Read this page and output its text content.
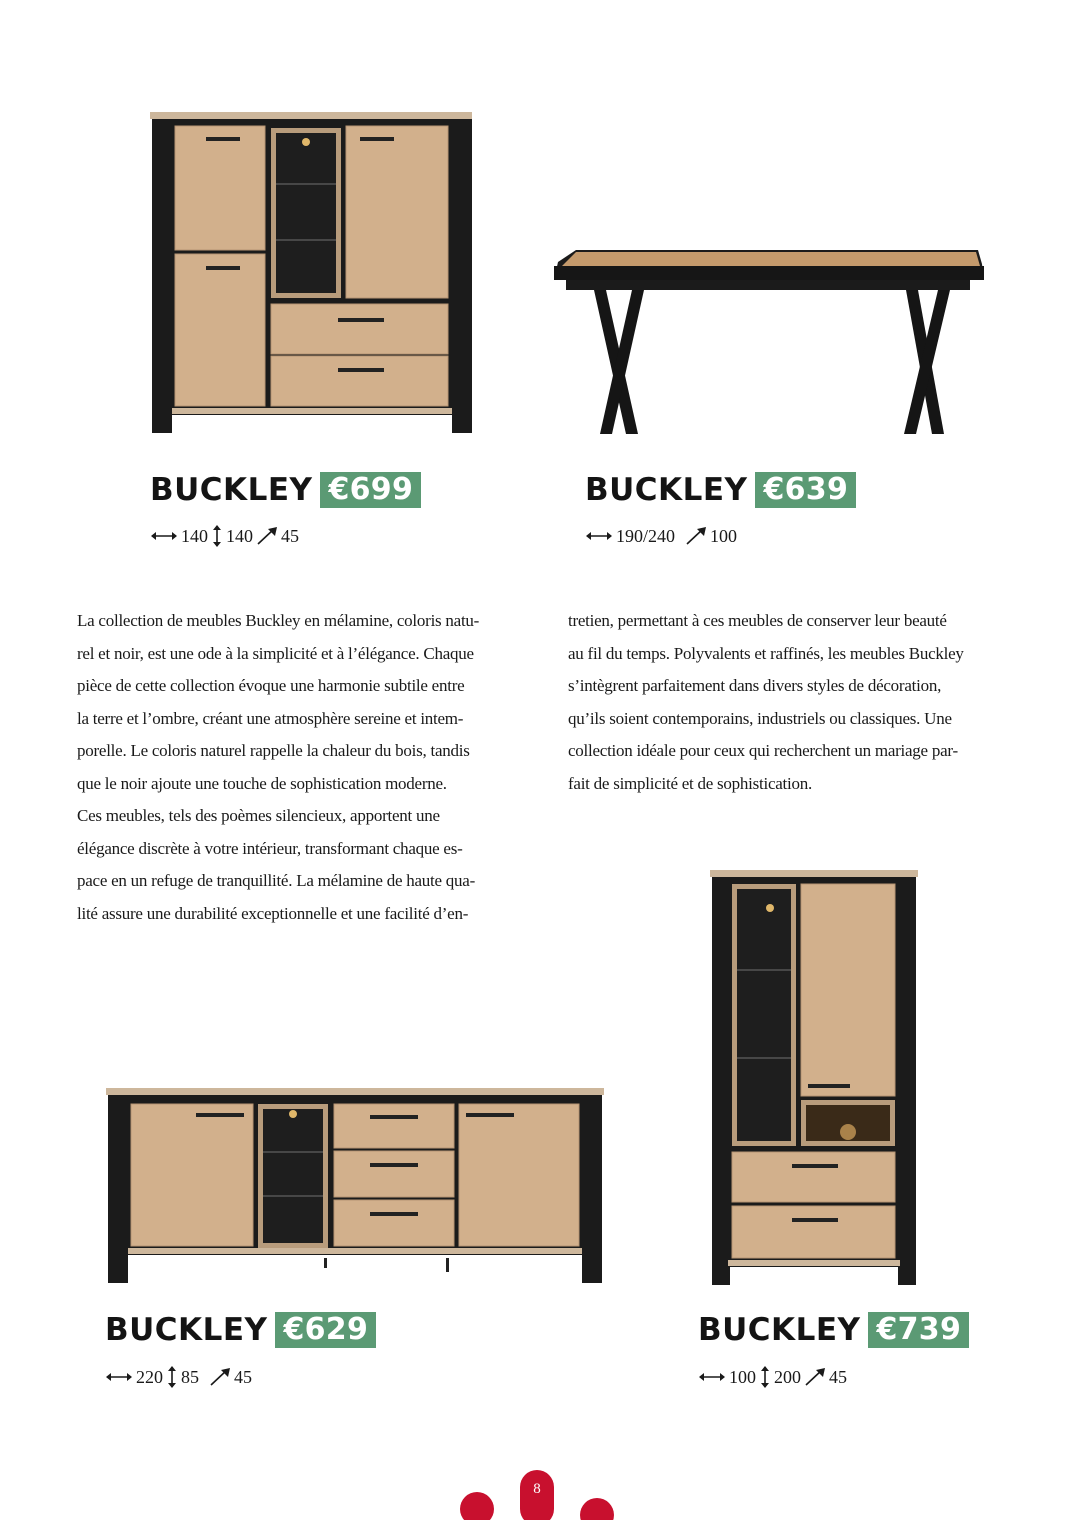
BUCKLEY €699
140 140 45
BUCKLEY €639
190/240 100
La collection de meubles Buckley en mélamine, coloris natu-
rel et noir, est une ode à la simplicité et à l’élégance. Chaque
pièce de cette collection évoque une harmonie subtile entre
la terre et l’ombre, créant une atmosphère sereine et intem-
porelle. Le coloris naturel rappelle la chaleur du bois, tandis
que le noir ajoute une touche de sophistication moderne.
Ces meubles, tels des poèmes silencieux, apportent une
élégance discrète à votre intérieur, transformant chaque es-
pace en un refuge de tranquillité. La mélamine de haute qua-
lité assure une durabilité exceptionnelle et une facilité d’en-
tretien, permettant à ces meubles de conserver leur beauté
au fil du temps. Polyvalents et raffinés, les meubles Buckley
s’intègrent parfaitement dans divers styles de décoration,
qu’ils soient contemporains, industriels ou classiques. Une
collection idéale pour ceux qui recherchent un mariage par-
fait de simplicité et de sophistication.
BUCKLEY €629
220 85 45
BUCKLEY €739
100 200 45
8
